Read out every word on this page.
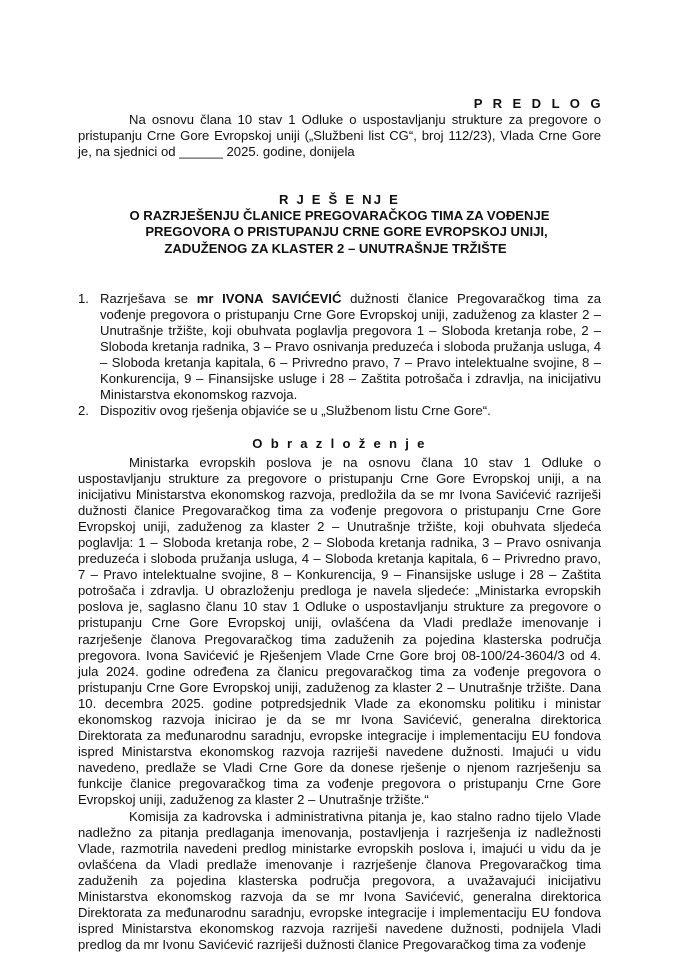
P R E D L O G

Na osnovu člana 10 stav 1 Odluke o uspostavljanju strukture za pregovore o pristupanju Crne Gore Evropskoj uniji („Službeni list CG“, broj 112/23), Vlada Crne Gore je, na sjednici od ______ 2025. godine, donijela

R J E Š E NJ E
O RAZRJEŠENJU ČLANICE PREGOVARAČKOG TIMA ZA VOĐENJE
PREGOVORA O PRISTUPANJU CRNE GORE EVROPSKOJ UNIJI,
ZADUŽENOG ZA KLASTER 2 – UNUTRAŠNJE TRŽIŠTE
1. Razrješava se mr IVONA SAVIĆEVIĆ dužnosti članice Pregovaračkog tima za vođenje pregovora o pristupanju Crne Gore Evropskoj uniji, zaduženog za klaster 2 – Unutrašnje tržište, koji obuhvata poglavlja pregovora 1 – Sloboda kretanja robe, 2 – Sloboda kretanja radnika, 3 – Pravo osnivanja preduzeća i sloboda pružanja usluga, 4 – Sloboda kretanja kapitala, 6 – Privredno pravo, 7 – Pravo intelektualne svojine, 8 – Konkurencija, 9 – Finansijske usluge i 28 – Zaštita potrošača i zdravlja, na inicijativu Ministarstva ekonomskog razvoja.
2. Dispozitiv ovog rješenja objaviće se u „Službenom listu Crne Gore“.
O b r a z l o ž e n j e

Ministarka evropskih poslova je na osnovu člana 10 stav 1 Odluke o uspostavljanju strukture za pregovore o pristupanju Crne Gore Evropskoj uniji, a na inicijativu Ministarstva ekonomskog razvoja, predložila da se mr Ivona Savićević razriješi dužnosti članice Pregovaračkog tima za vođenje pregovora o pristupanju Crne Gore Evropskoj uniji, zaduženog za klaster 2 – Unutrašnje tržište, koji obuhvata sljedeća poglavlja: 1 – Sloboda kretanja robe, 2 – Sloboda kretanja radnika, 3 – Pravo osnivanja preduzeća i sloboda pružanja usluga, 4 – Sloboda kretanja kapitala, 6 – Privredno pravo, 7 – Pravo intelektualne svojine, 8 – Konkurencija, 9 – Finansijske usluge i 28 – Zaštita potrošača i zdravlja. U obrazloženju predloga je navela sljedeće: „Ministarka evropskih poslova je, saglasno članu 10 stav 1 Odluke o uspostavljanju strukture za pregovore o pristupanju Crne Gore Evropskoj uniji, ovlašćena da Vladi predlaže imenovanje i razrješenje članova Pregovaračkog tima zaduženih za pojedina klasterska područja pregovora. Ivona Savićević je Rješenjem Vlade Crne Gore broj 08-100/24-3604/3 od 4. jula 2024. godine određena za članicu pregovaračkog tima za vođenje pregovora o pristupanju Crne Gore Evropskoj uniji, zaduženog za klaster 2 – Unutrašnje tržište. Dana 10. decembra 2025. godine potpredsjednik Vlade za ekonomsku politiku i ministar ekonomskog razvoja inicirao je da se mr Ivona Savićević, generalna direktorica Direktorata za međunarodnu saradnju, evropske integracije i implementaciju EU fondova ispred Ministarstva ekonomskog razvoja razriješi navedene dužnosti. Imajući u vidu navedeno, predlaže se Vladi Crne Gore da donese rješenje o njenom razrješenju sa funkcije članice pregovaračkog tima za vođenje pregovora o pristupanju Crne Gore Evropskoj uniji, zaduženog za klaster 2 – Unutrašnje tržište.“

Komisija za kadrovska i administrativna pitanja je, kao stalno radno tijelo Vlade nadležno za pitanja predlaganja imenovanja, postavljenja i razrješenja iz nadležnosti Vlade, razmotrila navedeni predlog ministarke evropskih poslova i, imajući u vidu da je ovlašćena da Vladi predlaže imenovanje i razrješenje članova Pregovaračkog tima zaduženih za pojedina klasterska područja pregovora, a uvažavajući inicijativu Ministarstva ekonomskog razvoja da se mr Ivona Savićević, generalna direktorica Direktorata za međunarodnu saradnju, evropske integracije i implementaciju EU fondova ispred Ministarstva ekonomskog razvoja razriješi navedene dužnosti, podnijela Vladi predlog da mr Ivonu Savićević razriješi dužnosti članice Pregovaračkog tima za vođenje
